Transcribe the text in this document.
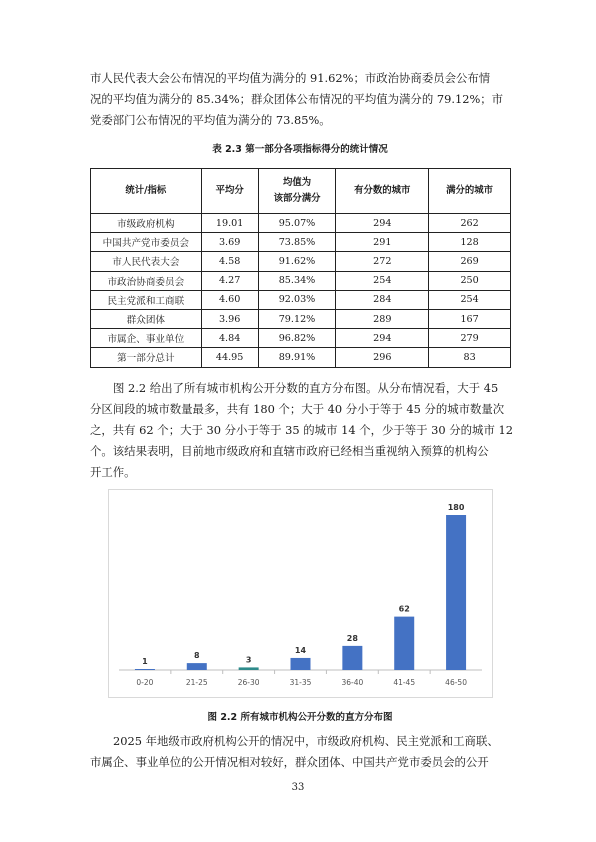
市人民代表大会公布情况的平均值为满分的 91.62%；市政治协商委员会公布情

况的平均值为满分的 85.34%；群众团体公布情况的平均值为满分的 79.12%；市

党委部门公布情况的平均值为满分的 73.85%。

表 2.3 第一部分各项指标得分的统计情况
统计/指标	平均分	均值为
该部分满分	有分数的城市	满分的城市
市级政府机构	19.01	95.07%	294	262
中国共产党市委员会	3.69	73.85%	291	128
市人民代表大会	4.58	91.62%	272	269
市政治协商委员会	4.27	85.34%	254	250
民主党派和工商联	4.60	92.03%	284	254
群众团体	3.96	79.12%	289	167
市属企、事业单位	4.84	96.82%	294	279
第一部分总计	44.95	89.91%	296	83

图 2.2 给出了所有城市机构公开分数的直方分布图。从分布情况看，大于 45

分区间段的城市数量最多，共有 180 个；大于 40 分小于等于 45 分的城市数量次

之，共有 62 个；大于 30 分小于等于 35 的城市 14 个，少于等于 30 分的城市 12

个。该结果表明，目前地市级政府和直辖市政府已经相当重视纳入预算的机构公

开工作。

1
0-20
8
21-25
3
26-30
14
31-35
28
36-40
62
41-45
180
46-50
图 2.2 所有城市机构公开分数的直方分布图

2025 年地级市政府机构公开的情况中，市级政府机构、民主党派和工商联、

市属企、事业单位的公开情况相对较好，群众团体、中国共产党市委员会的公开

33
